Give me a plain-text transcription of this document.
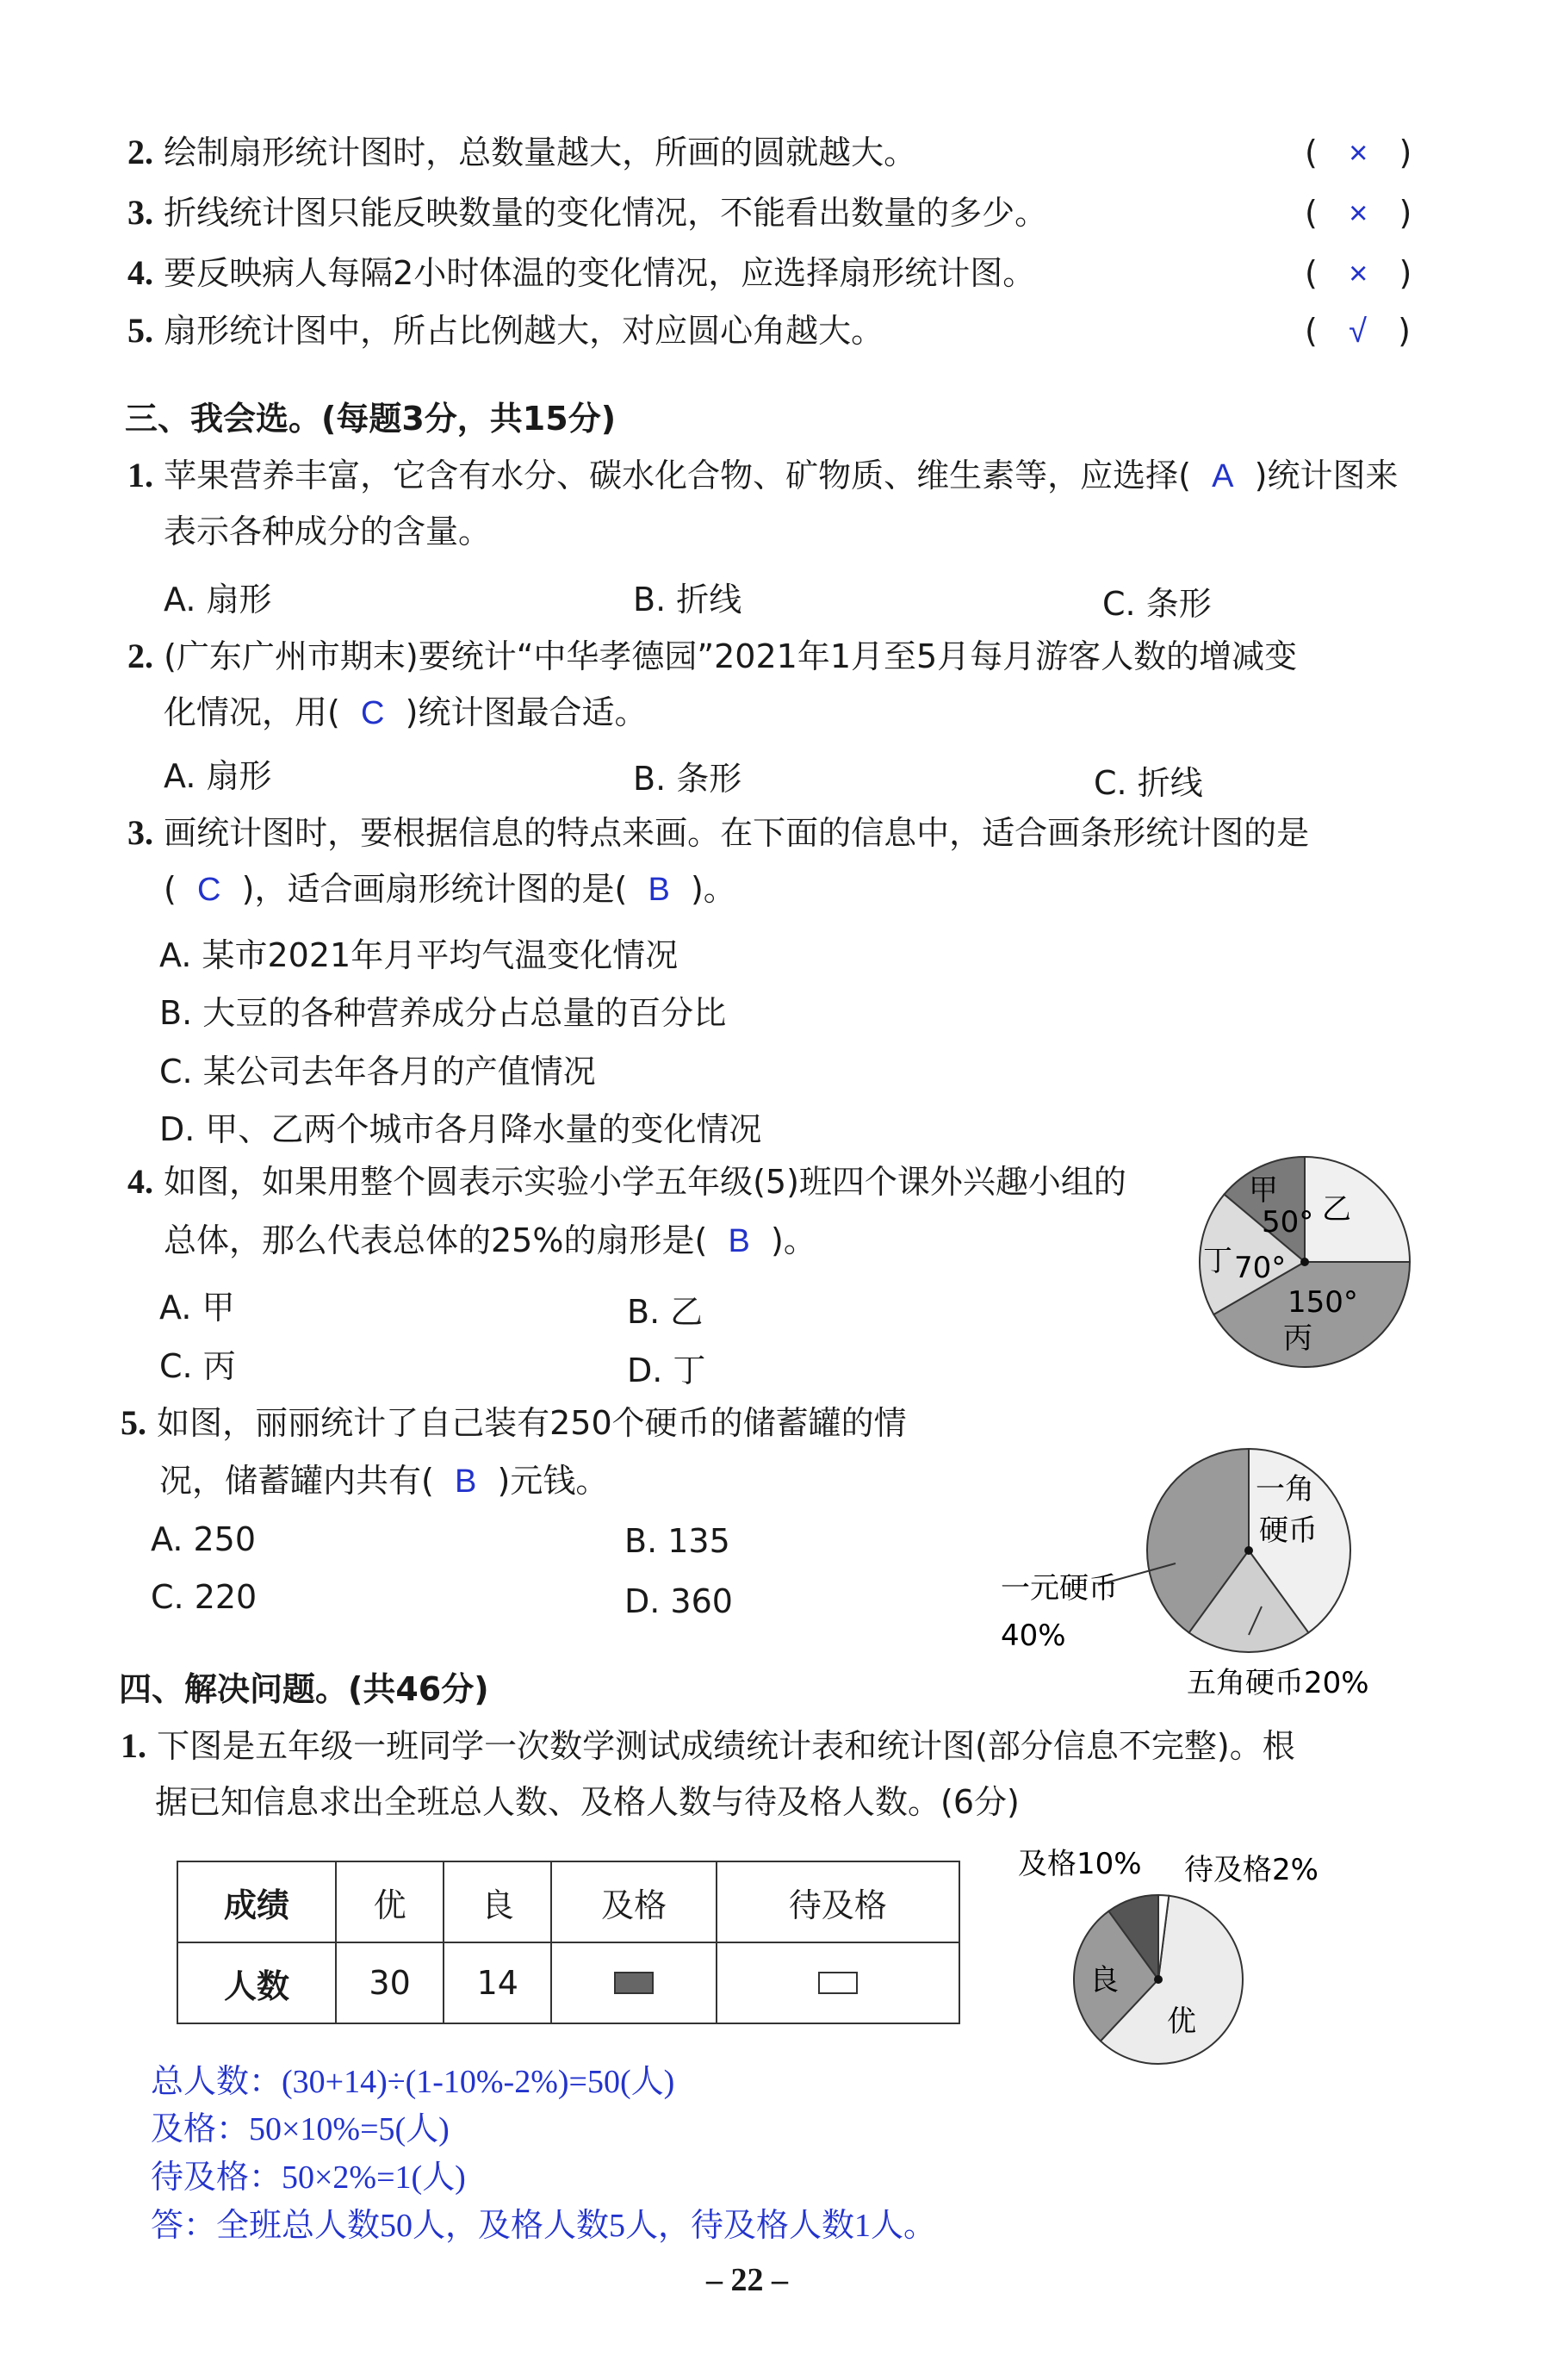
2. 绘制扇形统计图时，总数量越大，所画的圆就越大。	(   ×   )
3. 折线统计图只能反映数量的变化情况，不能看出数量的多少。	(   ×   )
4. 要反映病人每隔2小时体温的变化情况，应选择扇形统计图。	(   ×   )
5. 扇形统计图中，所占比例越大，对应圆心角越大。	(   √   )
三、我会选。(每题3分，共15分)
1. 苹果营养丰富，它含有水分、碳水化合物、矿物质、维生素等，应选择( A )统计图来
表示各种成分的含量。
A. 扇形	B. 折线	C. 条形
2. (广东广州市期末)要统计“中华孝德园”2021年1月至5月每月游客人数的增减变
化情况，用( C )统计图最合适。
A. 扇形	B. 条形	C. 折线
3. 画统计图时，要根据信息的特点来画。在下面的信息中，适合画条形统计图的是
( C )，适合画扇形统计图的是( B )。
A. 某市2021年月平均气温变化情况
B. 大豆的各种营养成分占总量的百分比
C. 某公司去年各月的产值情况
D. 甲、乙两个城市各月降水量的变化情况
4. 如图，如果用整个圆表示实验小学五年级(5)班四个课外兴趣小组的
总体，那么代表总体的25%的扇形是( B )。
A. 甲	B. 乙
C. 丙	D. 丁
甲
50° 乙
丁 70°
150°
丙
5. 如图，丽丽统计了自己装有250个硬币的储蓄罐的情
况，储蓄罐内共有( B )元钱。
A. 250	B. 135
C. 220	D. 360
一角
硬币
一元硬币
40%
五角硬币20%
四、解决问题。(共46分)
1. 下图是五年级一班同学一次数学测试成绩统计表和统计图(部分信息不完整)。根
据已知信息求出全班总人数、及格人数与待及格人数。(6分)
成绩	优	良	及格	待及格
人数	30	14		
及格10% 待及格2%
良
优
总人数：(30+14)÷(1-10%-2%)=50(人)
及格：50×10%=5(人)
待及格：50×2%=1(人)
答：全班总人数50人，及格人数5人，待及格人数1人。
– 22 –
